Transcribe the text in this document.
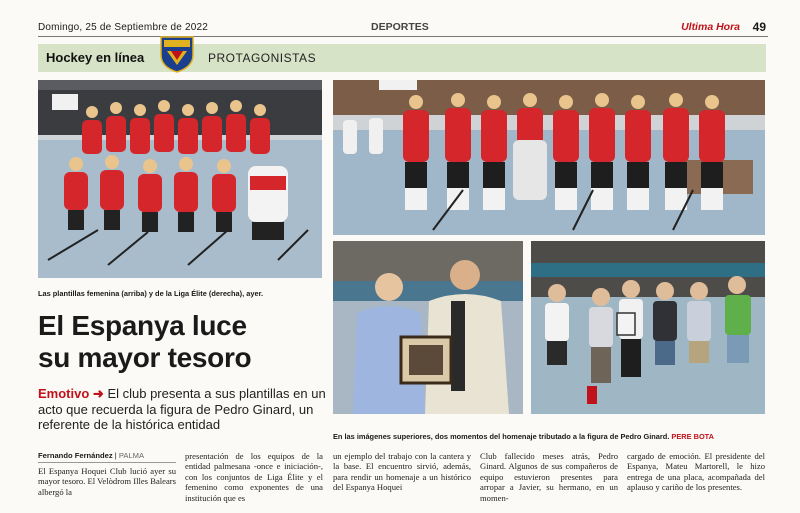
Domingo, 25 de Septiembre de 2022	DEPORTES	Ultima Hora 49
Hockey en línea	PROTAGONISTAS
Las plantillas femenina (arriba) y de la Liga Élite (derecha), ayer.
El Espanya luce
su mayor tesoro
Emotivo ➜ El club presenta a sus plantillas en un acto que recuerda la figura de Pedro Ginard, un referente de la histórica entidad
En las imágenes superiores, dos momentos del homenaje tributado a la figura de Pedro Ginard. PERE BOTA
Fernando Fernández | PALMA

El Espanya Hoquei Club lució ayer su mayor tesoro. El Velòdrom Illes Balears albergó la

presentación de los equipos de la entidad palmesana -once e iniciación-, con los conjuntos de Liga Élite y el femenino como exponentes de una institución que es

un ejemplo del trabajo con la cantera y la base. El encuentro sirvió, además, para rendir un homenaje a un histórico del Espanya Hoquei

Club fallecido meses atrás, Pedro Ginard. Algunos de sus compañeros de equipo estuvieron presentes para arropar a Javier, su hermano, en un momen-

cargado de emoción. El presidente del Espanya, Mateu Martorell, le hizo entrega de una placa, acompañada del aplauso y cariño de los presentes.
